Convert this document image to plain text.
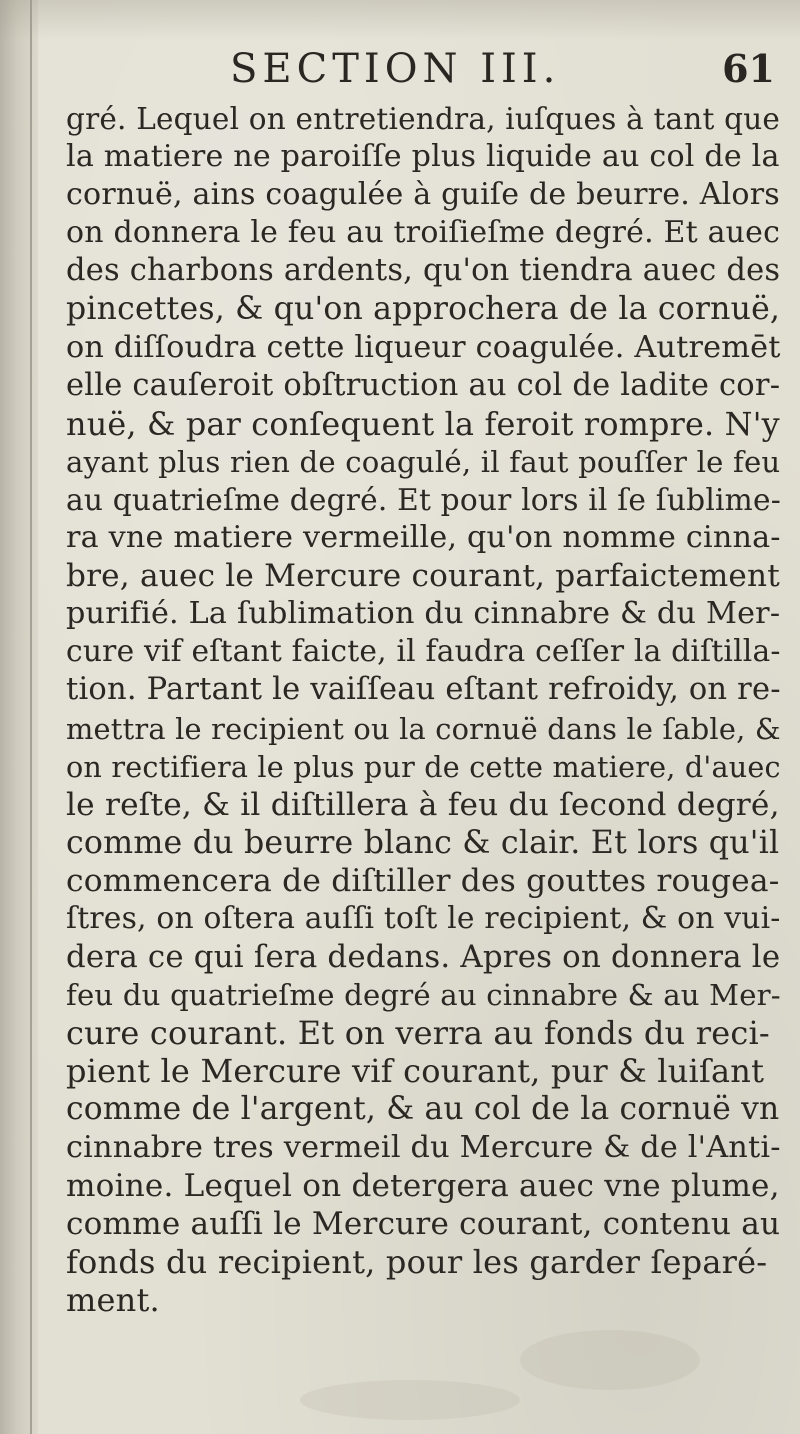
SECTION III.	61
gré. Lequel on entretiendra, iuſques à tant que
la matiere ne paroiſſe plus liquide au col de la
cornuë, ains coagulée à guiſe de beurre. Alors
on donnera le feu au troiſieſme degré. Et auec
des charbons ardents, qu'on tiendra auec des
pincettes, & qu'on approchera de la cornuë,
on diſſoudra cette liqueur coagulée. Autremēt
elle cauſeroit obſtruction au col de ladite cor-
nuë, & par conſequent la feroit rompre. N'y
ayant plus rien de coagulé, il faut pouſſer le feu
au quatrieſme degré. Et pour lors il ſe ſublime-
ra vne matiere vermeille, qu'on nomme cinna-
bre, auec le Mercure courant, parfaictement
purifié. La ſublimation du cinnabre & du Mer-
cure vif eſtant faicte, il faudra ceſſer la diſtilla-
tion. Partant le vaiſſeau eſtant refroidy, on re-
mettra le recipient ou la cornuë dans le ſable, &
on rectifiera le plus pur de cette matiere, d'auec
le reſte, & il diſtillera à feu du ſecond degré,
comme du beurre blanc & clair. Et lors qu'il
commencera de diſtiller des gouttes rougea-
ſtres, on oſtera auſſi toſt le recipient, & on vui-
dera ce qui ſera dedans. Apres on donnera le
feu du quatrieſme degré au cinnabre & au Mer-
cure courant. Et on verra au fonds du reci-
pient le Mercure vif courant, pur & luiſant
comme de l'argent, & au col de la cornuë vn
cinnabre tres vermeil du Mercure & de l'Anti-
moine. Lequel on detergera auec vne plume,
comme auſſi le Mercure courant, contenu au
fonds du recipient, pour les garder ſeparé-
ment.
